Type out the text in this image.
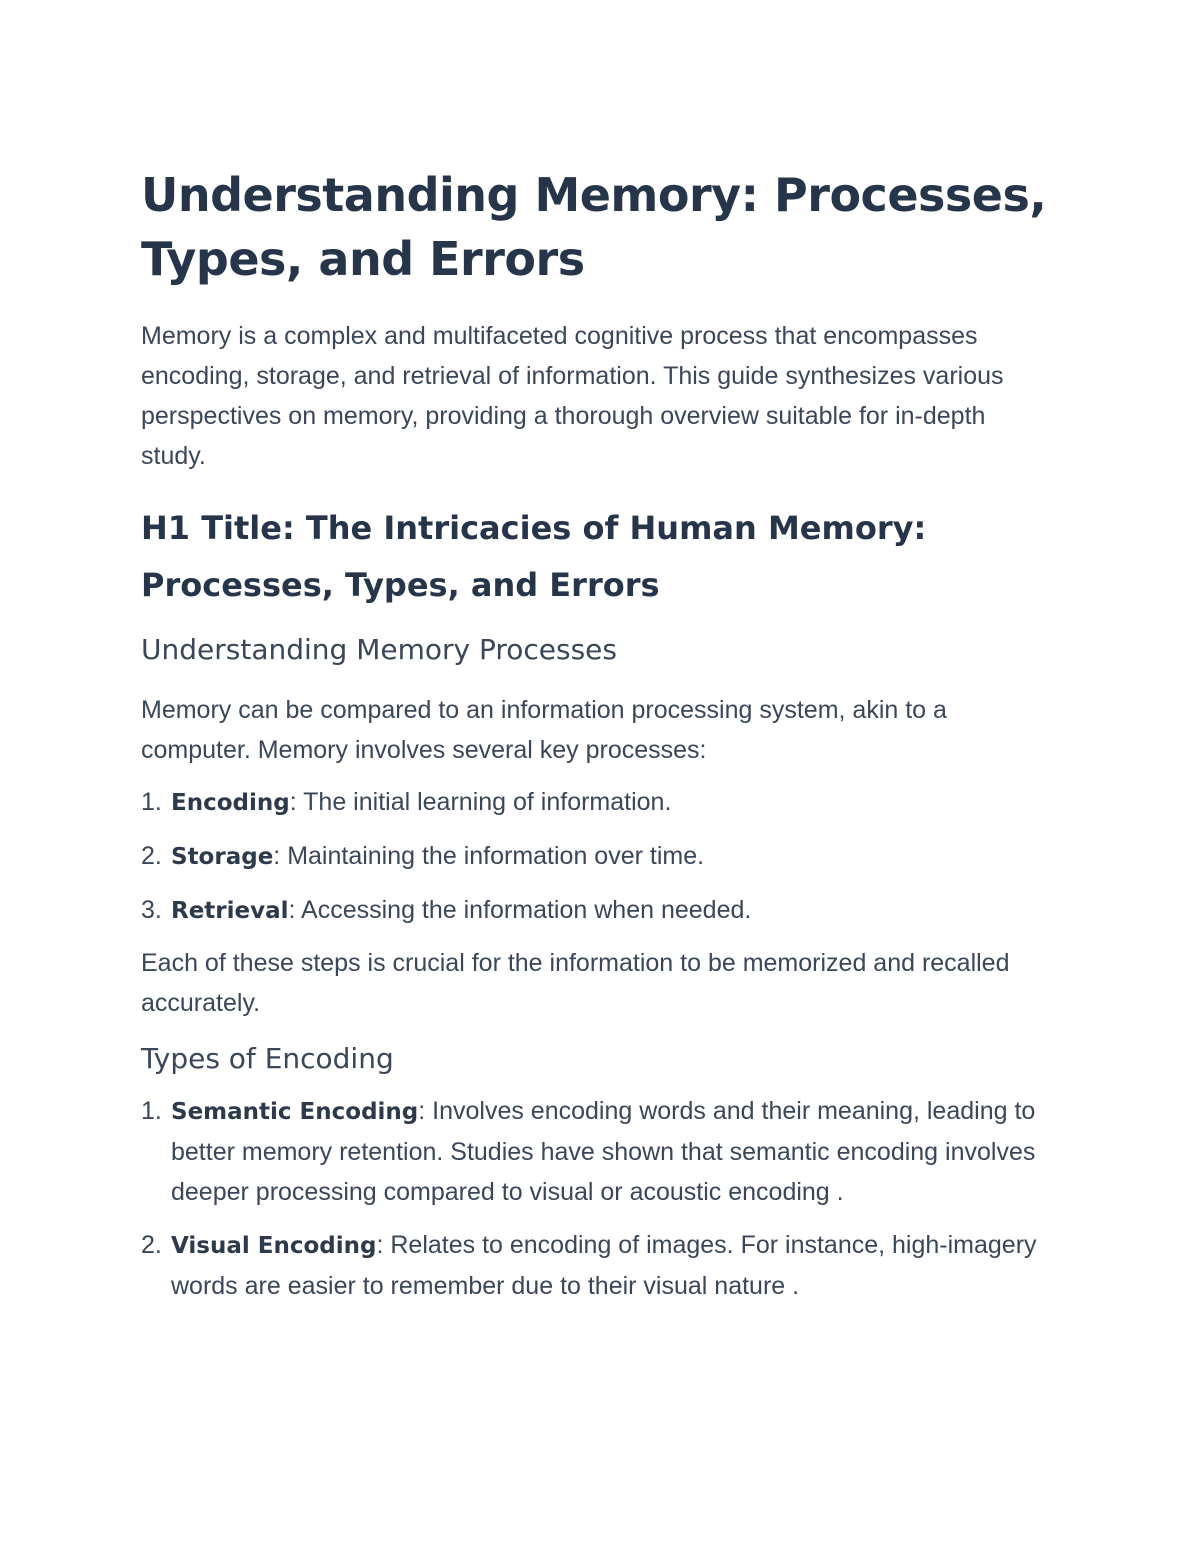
Understanding Memory: Processes, Types, and Errors

Memory is a complex and multifaceted cognitive process that encompasses encoding, storage, and retrieval of information. This guide synthesizes various perspectives on memory, providing a thorough overview suitable for in-depth study.

H1 Title: The Intricacies of Human Memory: Processes, Types, and Errors
Understanding Memory Processes

Memory can be compared to an information processing system, akin to a computer. Memory involves several key processes:

1. Encoding: The initial learning of information.
2. Storage: Maintaining the information over time.
3. Retrieval: Accessing the information when needed.

Each of these steps is crucial for the information to be memorized and recalled accurately.

Types of Encoding
1. Semantic Encoding: Involves encoding words and their meaning, leading to better memory retention. Studies have shown that semantic encoding involves deeper processing compared to visual or acoustic encoding .
2. Visual Encoding: Relates to encoding of images. For instance, high-imagery words are easier to remember due to their visual nature .
